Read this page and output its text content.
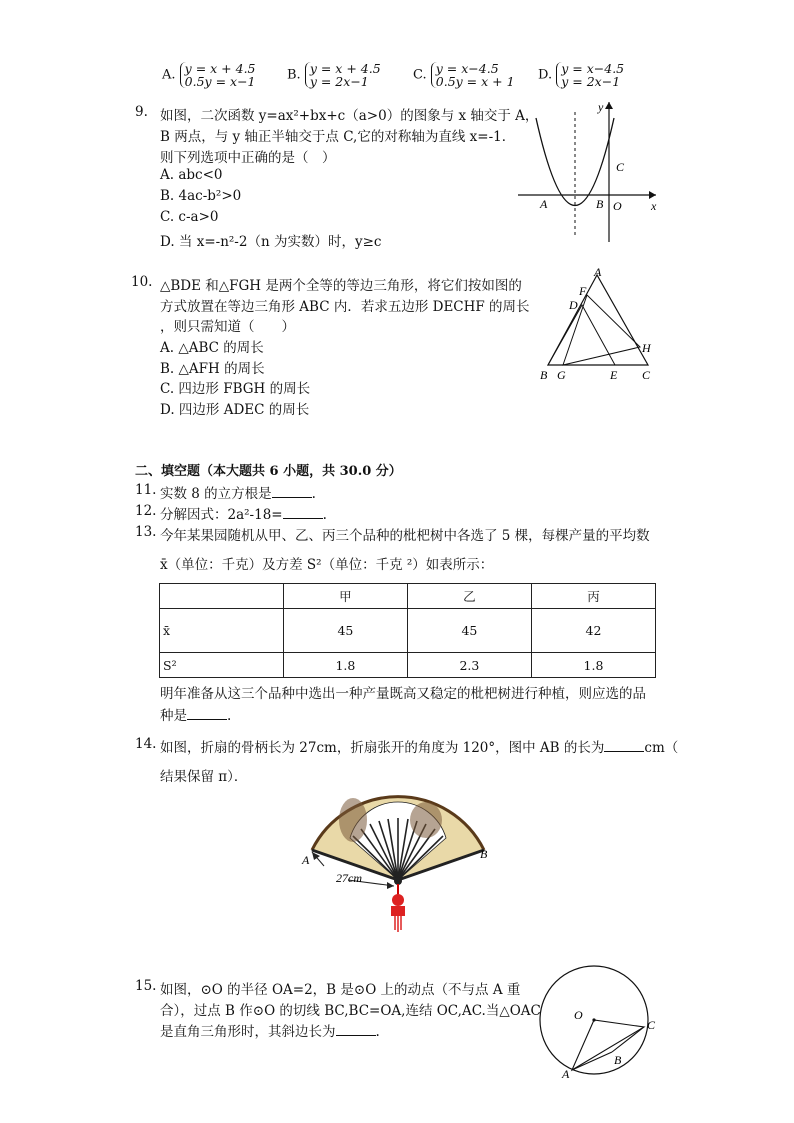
A. y = x + 4.5
0.5y = x−1 B. y = x + 4.5
y = 2x−1	C. y = x−4.5
0.5y = x + 1 D. y = x−4.5
y = 2x−1
9. 如图，二次函数 y=ax²+bx+c（a>0）的图象与 x 轴交于 A，
B 两点，与 y 轴正半轴交于点 C,它的对称轴为直线 x=-1．
则下列选项中正确的是（　）
A. abc<0
B. 4ac-b²>0
C. c-a>0
D. 当 x=-n²-2（n 为实数）时，y≥c
y
x
A	B O
C
10. △BDE 和△FGH 是两个全等的等边三角形，将它们按如图的
方式放置在等边三角形 ABC 内．若求五边形 DECHF 的周长
，则只需知道（　　）
A. △ABC 的周长
B. △AFH 的周长
C. 四边形 FBGH 的周长
D. 四边形 ADEC 的周长
A
F
D
H
B G	E C
二、填空题（本大题共 6 小题，共 30.0 分）
11. 实数 8 的立方根是	.
12. 分解因式：2a²-18=	.
13. 今年某果园随机从甲、乙、丙三个品种的枇杷树中各选了 5 棵，每棵产量的平均数
x̄（单位：千克）及方差 S²（单位：千克 ²）如表所示：
	甲	乙	丙
x̄	45	45	42
S²	1.8	2.3	1.8
明年准备从这三个品种中选出一种产量既高又稳定的枇杷树进行种植，则应选的品
种是	.
14. 如图，折扇的骨柄长为 27cm，折扇张开的角度为 120°，图中 AB 的长为	cm（
结果保留 π）．
A	B
27cm
15. 如图，⊙O 的半径 OA=2，B 是⊙O 上的动点（不与点 A 重
合），过点 B 作⊙O 的切线 BC,BC=OA,连结 OC,AC.当△OAC
是直角三角形时，其斜边长为	.
O
C
B
A
